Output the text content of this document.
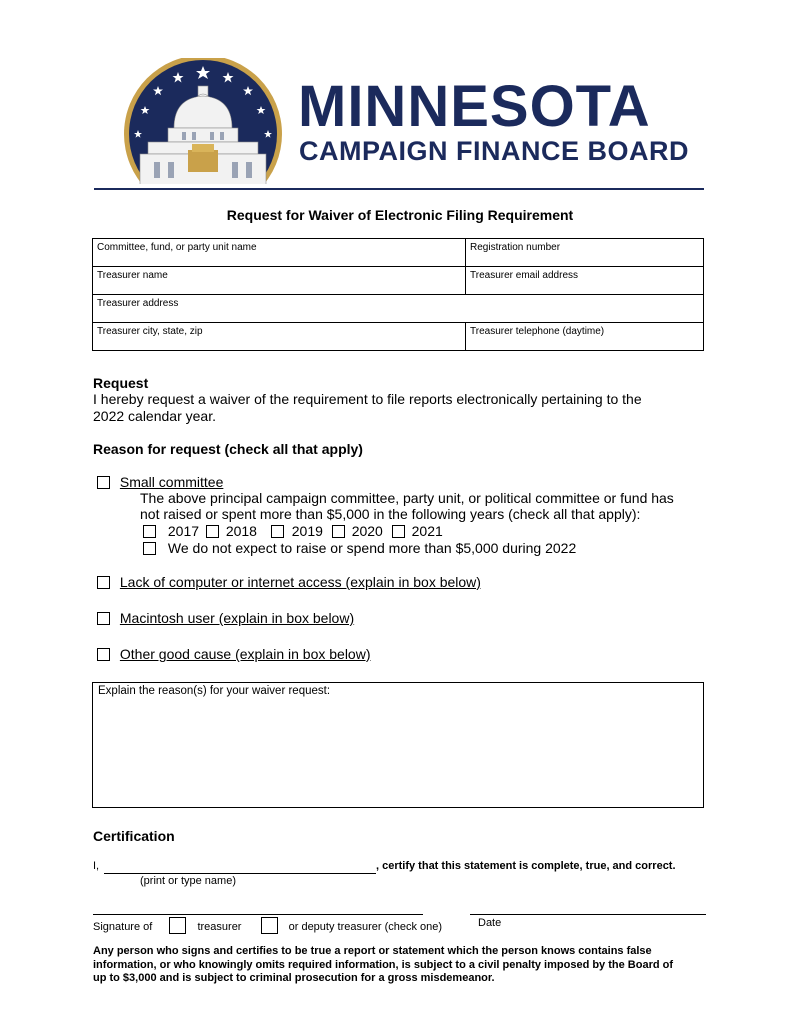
MINNESOTA
CAMPAIGN FINANCE BOARD
Request for Waiver of Electronic Filing Requirement
Committee, fund, or party unit name	Registration number
Treasurer name	Treasurer email address
Treasurer address	
Treasurer city, state, zip	Treasurer telephone (daytime)
Request

I hereby request a waiver of the requirement to file reports electronically pertaining to the

2022 calendar year.

Reason for request (check all that apply)
Small committee

The above principal campaign committee, party unit, or political committee or fund has

not raised or spent more than $5,000 in the following years (check all that apply):

2017 2018 2019 2020 2021
We do not expect to raise or spend more than $5,000 during 2022
Lack of computer or internet access (explain in box below)
Macintosh user (explain in box below)
Other good cause (explain in box below)
Explain the reason(s) for your waiver request:
Certification
I,	, certify that this statement is complete, true, and correct.
(print or type name)
Signature of	treasurer	or deputy treasurer (check one)	Date
Any person who signs and certifies to be true a report or statement which the person knows contains false
information, or who knowingly omits required information, is subject to a civil penalty imposed by the Board of
up to $3,000 and is subject to criminal prosecution for a gross misdemeanor.
